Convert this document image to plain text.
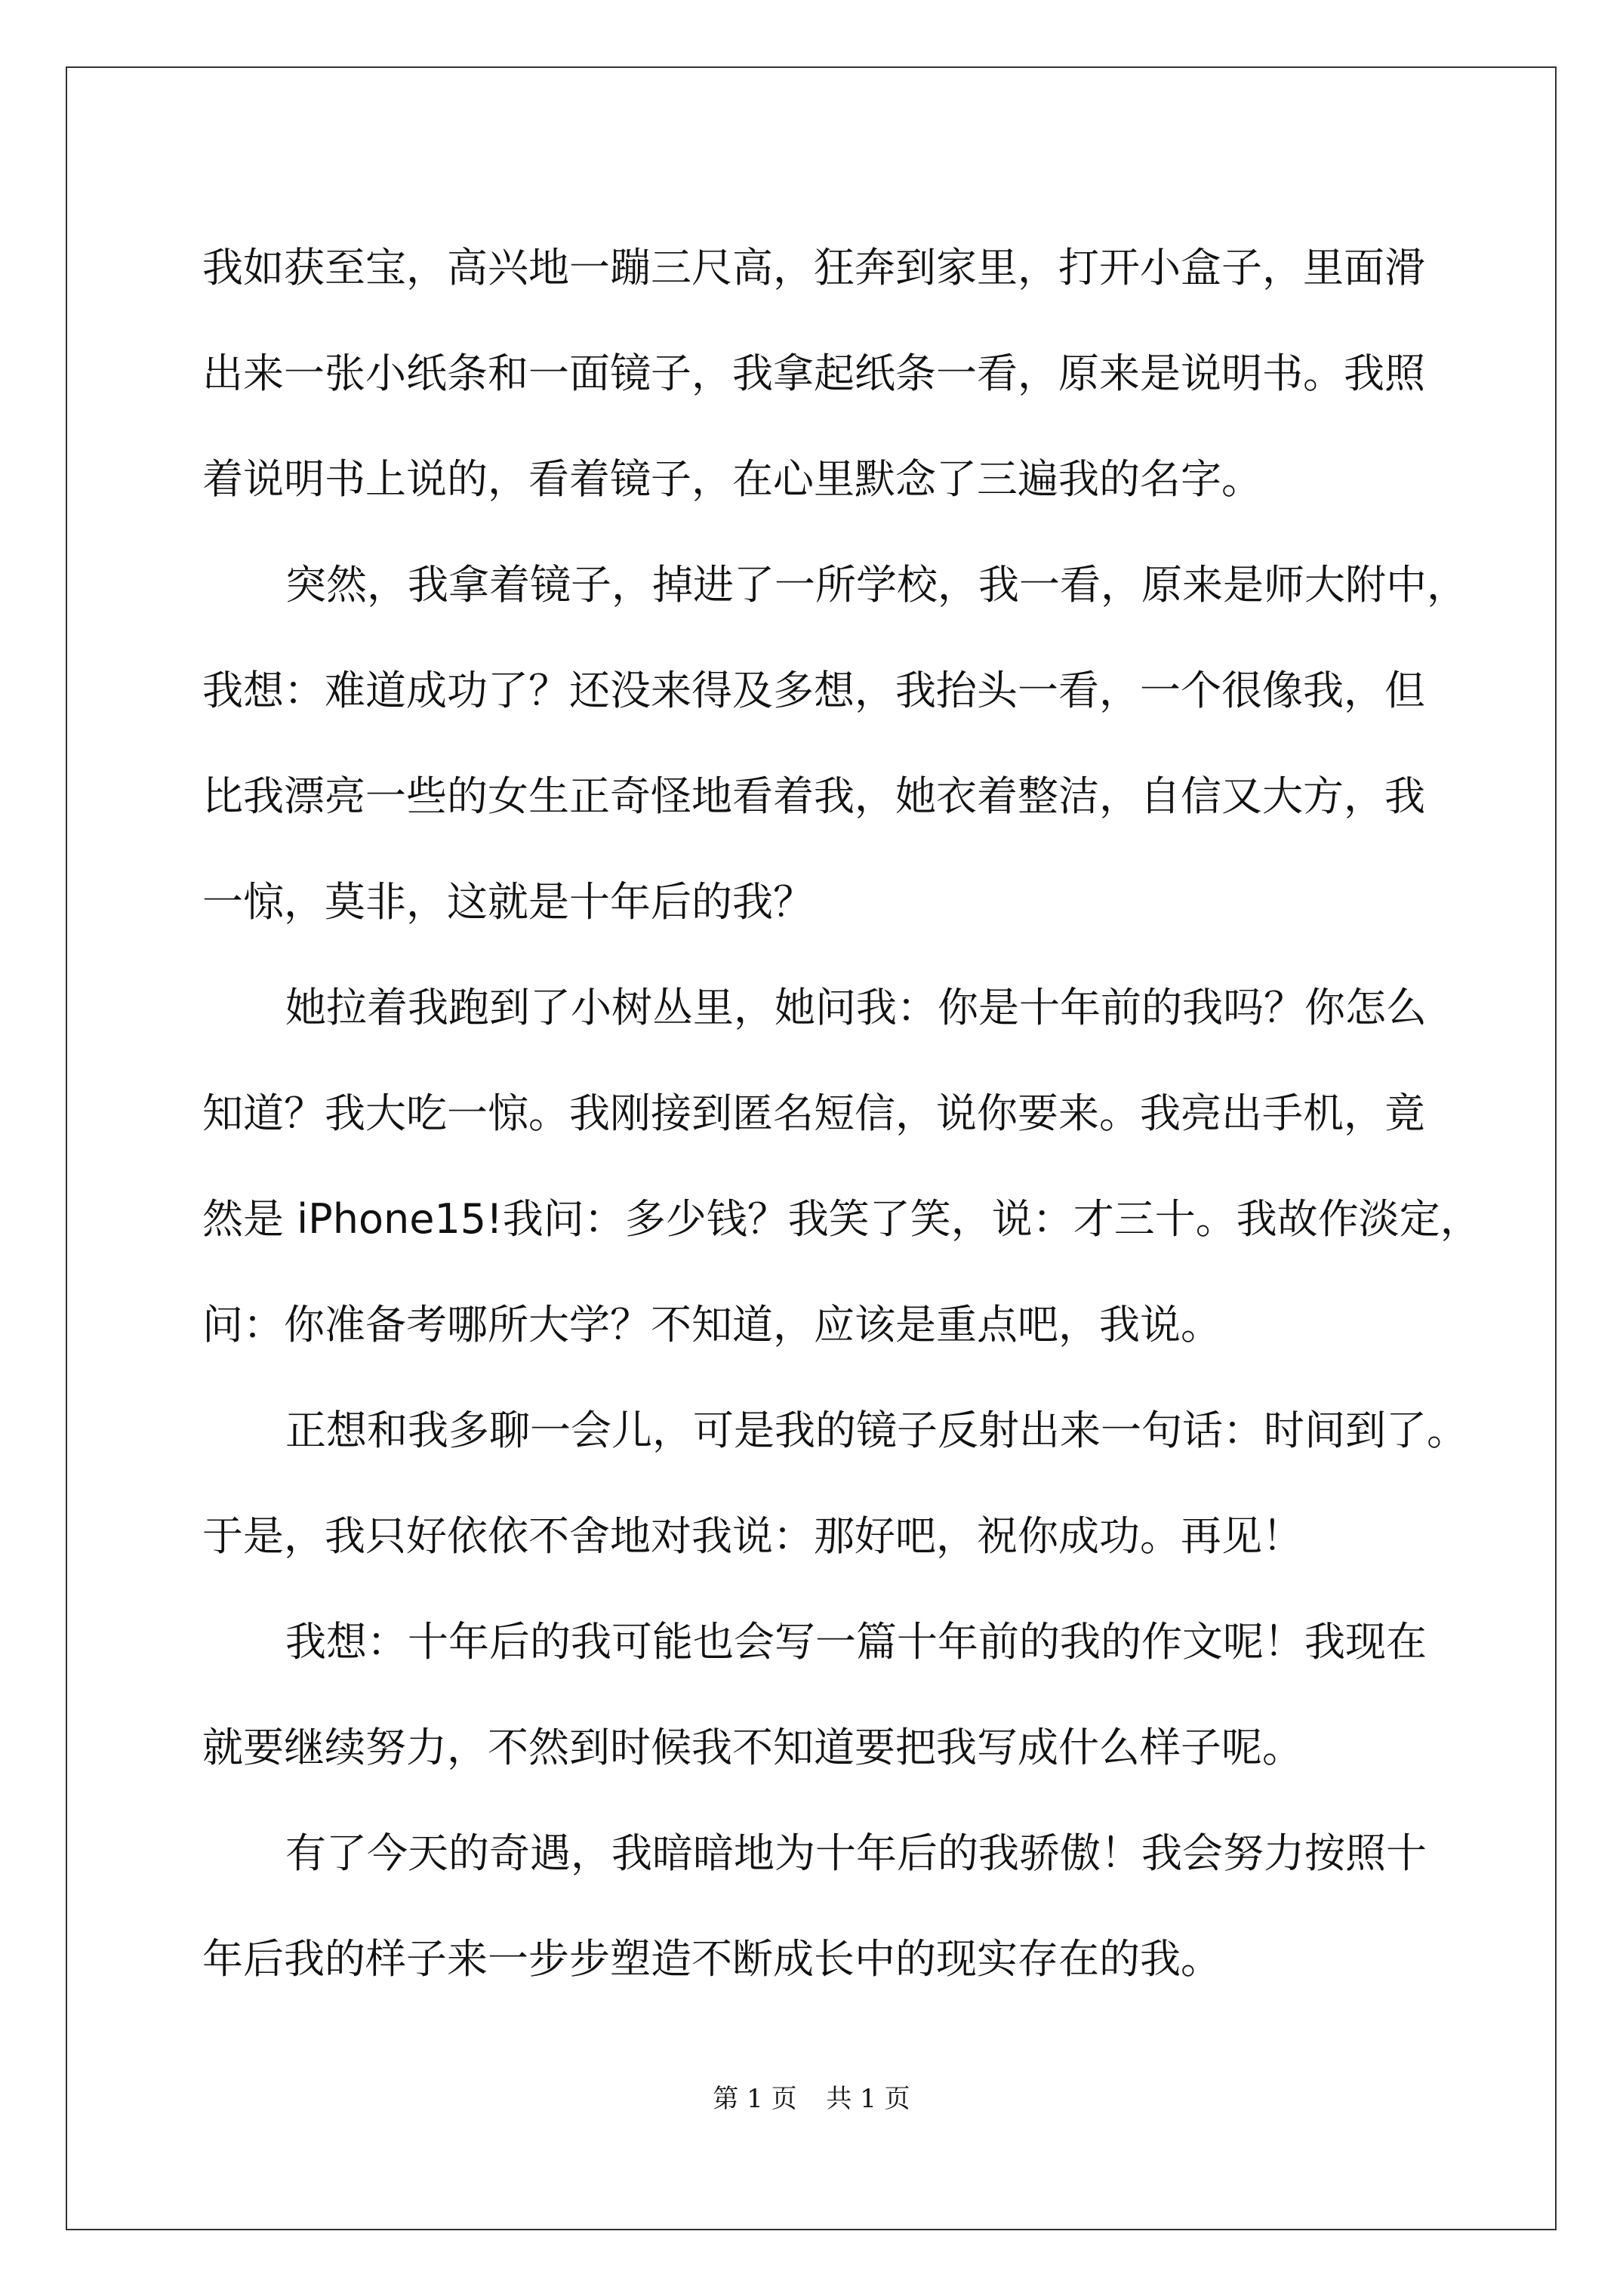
我如获至宝，高兴地一蹦三尺高，狂奔到家里，打开小盒子，里面滑
出来一张小纸条和一面镜子，我拿起纸条一看，原来是说明书。我照
着说明书上说的，看着镜子，在心里默念了三遍我的名字。
突然，我拿着镜子，掉进了一所学校，我一看，原来是师大附中，
我想：难道成功了？还没来得及多想，我抬头一看，一个很像我，但
比我漂亮一些的女生正奇怪地看着我，她衣着整洁，自信又大方，我
一惊，莫非，这就是十年后的我？
她拉着我跑到了小树丛里，她问我：你是十年前的我吗？你怎么
知道？我大吃一惊。我刚接到匿名短信，说你要来。我亮出手机，竟
然是 iPhone15!我问：多少钱？我笑了笑，说：才三十。我故作淡定，
问：你准备考哪所大学？不知道，应该是重点吧，我说。
正想和我多聊一会儿，可是我的镜子反射出来一句话：时间到了。
于是，我只好依依不舍地对我说：那好吧，祝你成功。再见！
我想：十年后的我可能也会写一篇十年前的我的作文呢！我现在
就要继续努力，不然到时候我不知道要把我写成什么样子呢。
有了今天的奇遇，我暗暗地为十年后的我骄傲！我会努力按照十
年后我的样子来一步步塑造不断成长中的现实存在的我。
第 1 页 共 1 页
